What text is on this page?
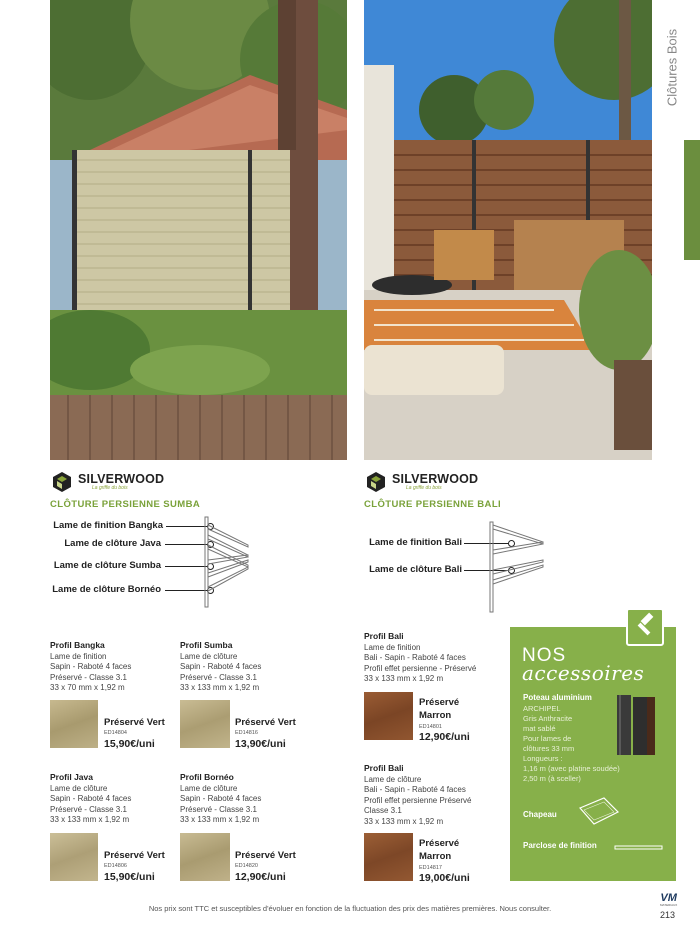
Clôtures Bois
SILVERWOOD
La griffe du bois
CLÔTURE PERSIENNE SUMBA
Lame de finition Bangka
Lame de clôture Java
Lame de clôture Sumba
Lame de clôture Bornéo
Profil Bangka
Lame de finition
Sapin - Raboté 4 faces
Préservé - Classe 3.1
33 x 70 mm x 1,92 m
Préservé Vert
ED14804
15,90€/uni
Profil Sumba
Lame de clôture
Sapin - Raboté 4 faces
Préservé - Classe 3.1
33 x 133 mm x 1,92 m
Préservé Vert
ED14816
13,90€/uni
Profil Java
Lame de clôture
Sapin - Raboté 4 faces
Préservé - Classe 3.1
33 x 133 mm x 1,92 m
Préservé Vert
ED14806
15,90€/uni
Profil Bornéo
Lame de clôture
Sapin - Raboté 4 faces
Préservé - Classe 3.1
33 x 133 mm x 1,92 m
Préservé Vert
ED14820
12,90€/uni
SILVERWOOD
La griffe du bois
CLÔTURE PERSIENNE BALI
Lame de finition Bali
Lame de clôture Bali
Profil Bali
Lame de finition
Bali - Sapin - Raboté 4 faces
Profil effet persienne - Préservé
33 x 133 mm x 1,92 m
Préservé
Marron
ED14801
12,90€/uni
Profil Bali
Lame de clôture
Bali - Sapin - Raboté 4 faces
Profil effet persienne Préservé
Classe 3.1
33 x 133 mm x 1,92 m
Préservé
Marron
ED14817
19,00€/uni
NOS
accessoires
Poteau aluminium
ARCHIPEL
Gris Anthracite
mat sablé
Pour lames de
clôtures 33 mm
Longueurs :
1,16 m (avec platine soudée)
2,50 m (à sceller)
Chapeau
Parclose de finition
Nos prix sont TTC et susceptibles d'évoluer en fonction de la fluctuation des prix des matières premières. Nous consulter.
VM
MATERIAUX
213
